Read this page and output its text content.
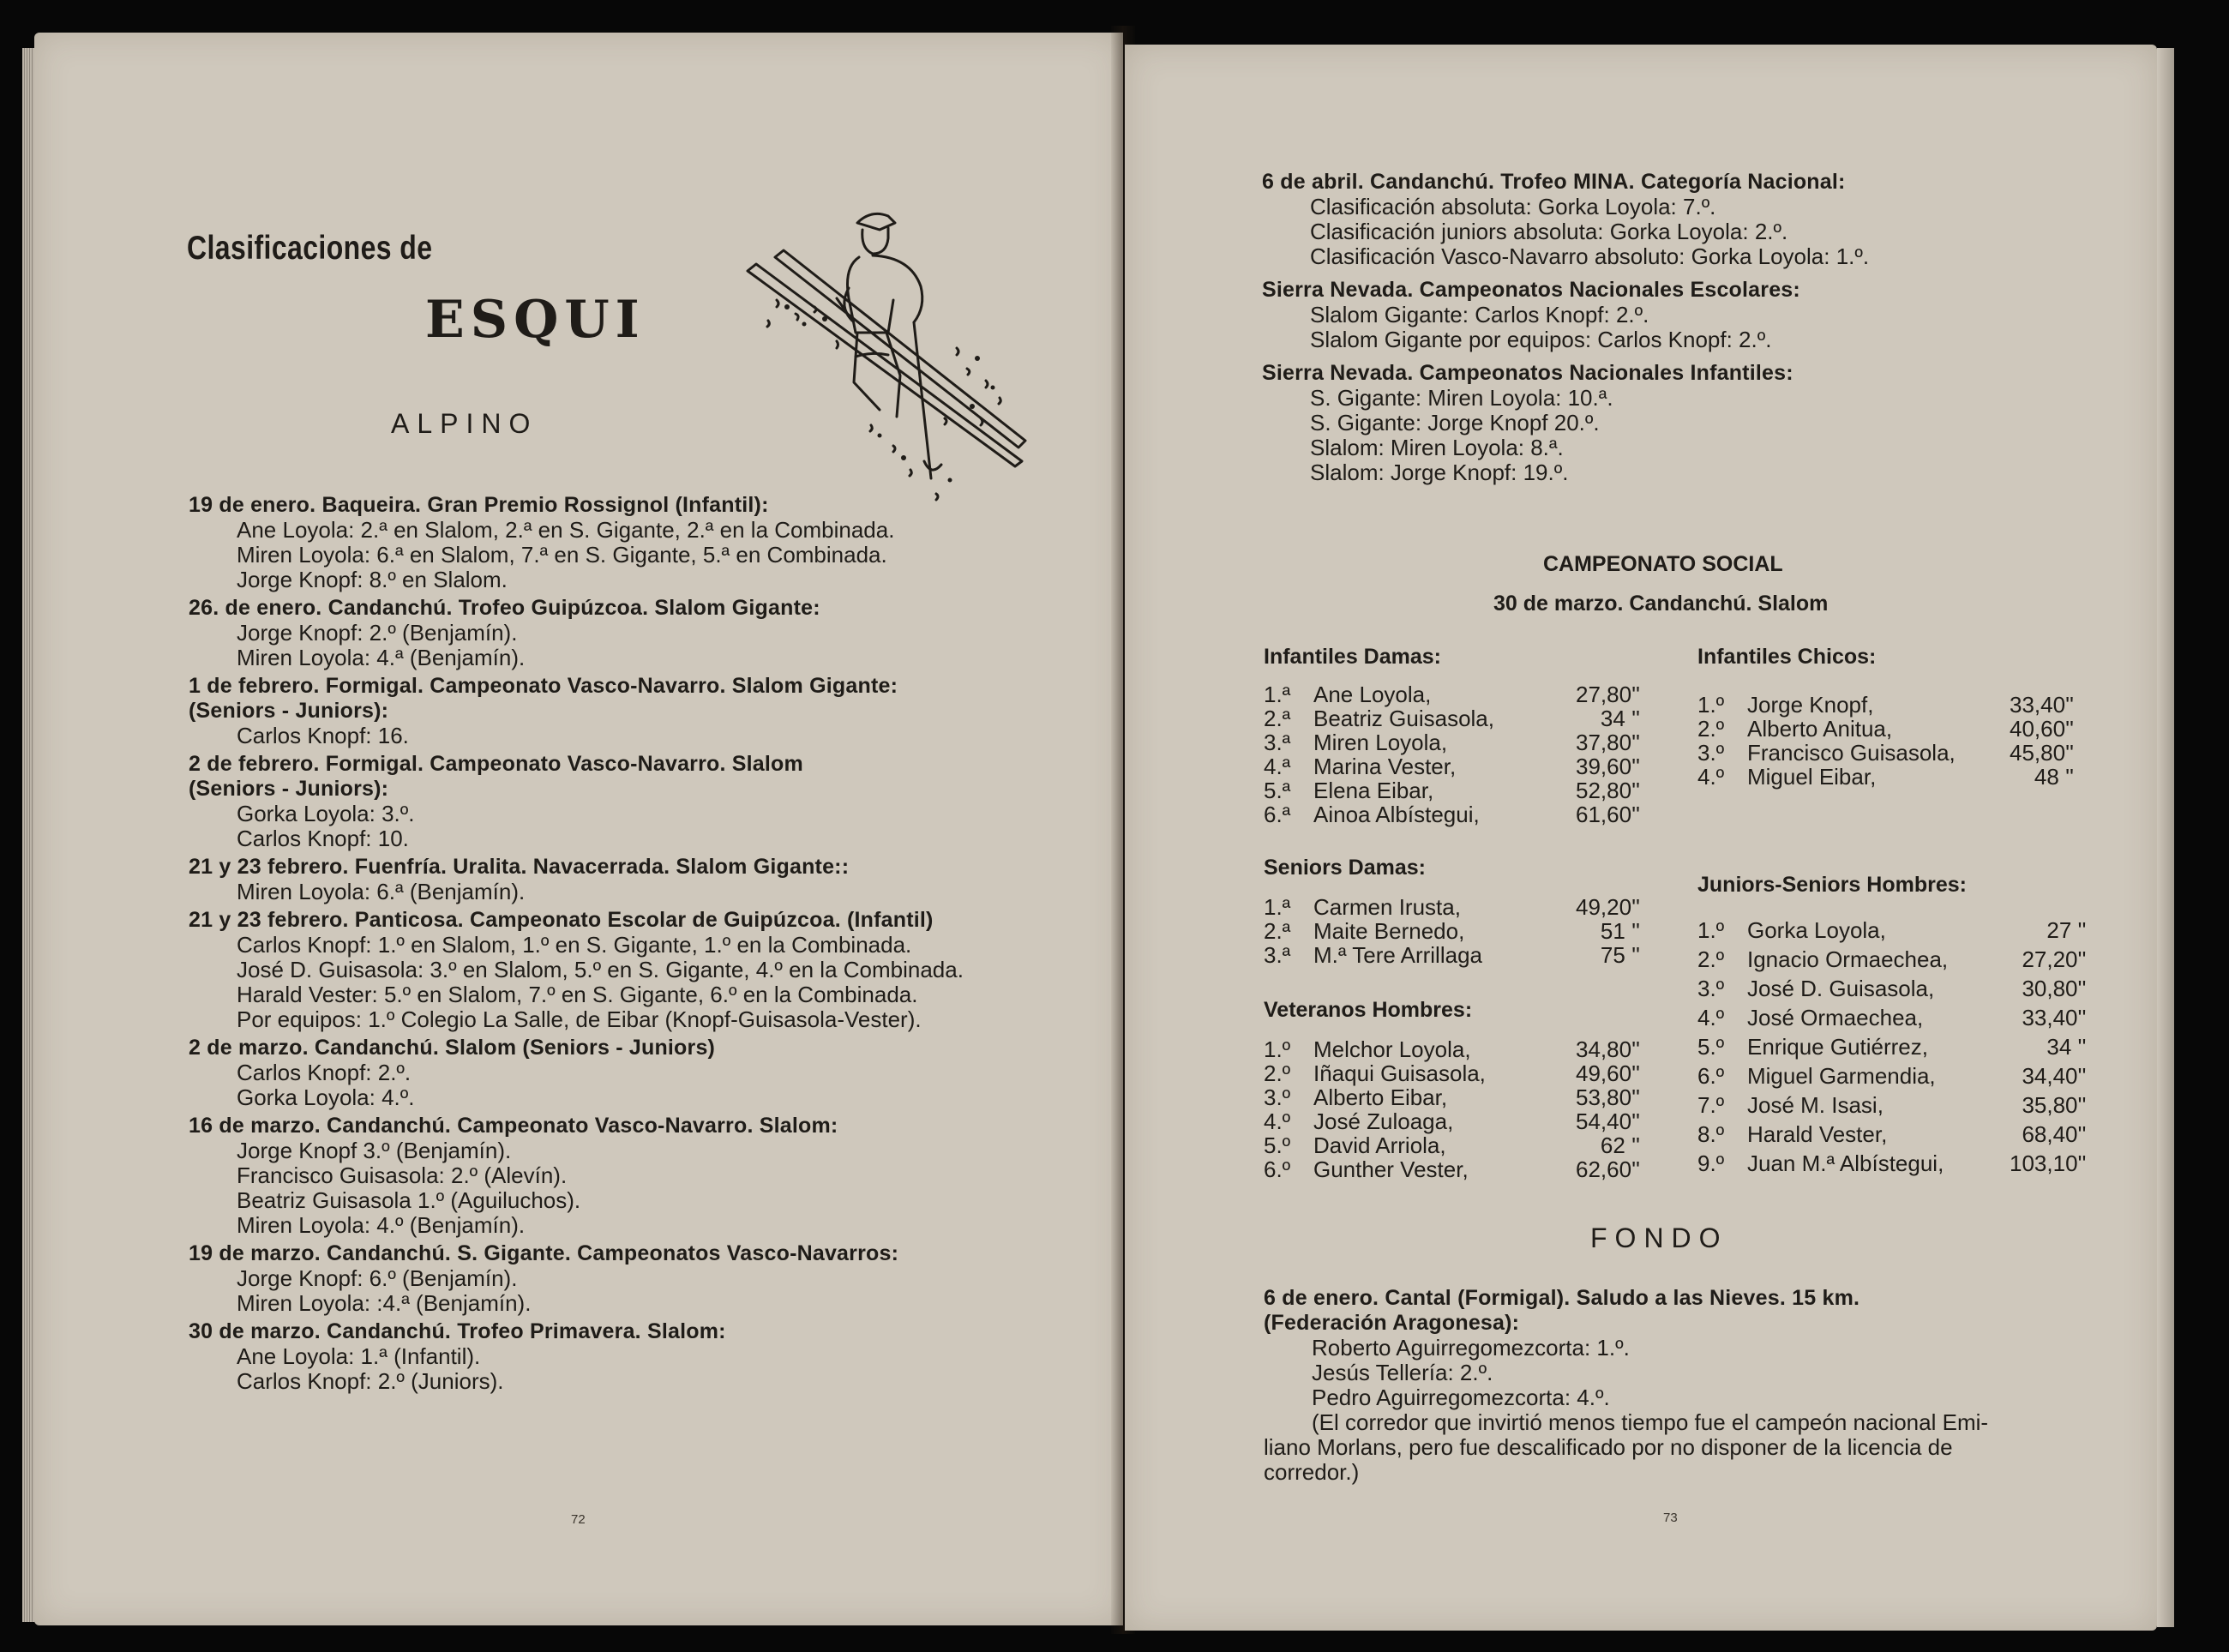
Clasificaciones de
ESQUI
ALPINO
19 de enero. Baqueira. Gran Premio Rossignol (Infantil):
Ane Loyola: 2.ª en Slalom, 2.ª en S. Gigante, 2.ª en la Combinada.
Miren Loyola: 6.ª en Slalom, 7.ª en S. Gigante, 5.ª en Combinada.
Jorge Knopf: 8.º en Slalom.
26. de enero. Candanchú. Trofeo Guipúzcoa. Slalom Gigante:
Jorge Knopf: 2.º (Benjamín).
Miren Loyola: 4.ª (Benjamín).
1 de febrero. Formigal. Campeonato Vasco-Navarro. Slalom Gigante:
(Seniors - Juniors):
Carlos Knopf: 16.
2 de febrero. Formigal. Campeonato Vasco-Navarro. Slalom
(Seniors - Juniors):
Gorka Loyola: 3.º.
Carlos Knopf: 10.
21 y 23 febrero. Fuenfría. Uralita. Navacerrada. Slalom Gigante::
Miren Loyola: 6.ª (Benjamín).
21 y 23 febrero. Panticosa. Campeonato Escolar de Guipúzcoa. (Infantil)
Carlos Knopf: 1.º en Slalom, 1.º en S. Gigante, 1.º en la Combinada.
José D. Guisasola: 3.º en Slalom, 5.º en S. Gigante, 4.º en la Combinada.
Harald Vester: 5.º en Slalom, 7.º en S. Gigante, 6.º en la Combinada.
Por equipos: 1.º Colegio La Salle, de Eibar (Knopf-Guisasola-Vester).
2 de marzo. Candanchú. Slalom (Seniors - Juniors)
Carlos Knopf: 2.º.
Gorka Loyola: 4.º.
16 de marzo. Candanchú. Campeonato Vasco-Navarro. Slalom:
Jorge Knopf 3.º (Benjamín).
Francisco Guisasola: 2.º (Alevín).
Beatriz Guisasola 1.º (Aguiluchos).
Miren Loyola: 4.º (Benjamín).
19 de marzo. Candanchú. S. Gigante. Campeonatos Vasco-Navarros:
Jorge Knopf: 6.º (Benjamín).
Miren Loyola: :4.ª (Benjamín).
30 de marzo. Candanchú. Trofeo Primavera. Slalom:
Ane Loyola: 1.ª (Infantil).
Carlos Knopf: 2.º (Juniors).
72
6 de abril. Candanchú. Trofeo MINA. Categoría Nacional:
Clasificación absoluta: Gorka Loyola: 7.º.
Clasificación juniors absoluta: Gorka Loyola: 2.º.
Clasificación Vasco-Navarro absoluto: Gorka Loyola: 1.º.
Sierra Nevada. Campeonatos Nacionales Escolares:
Slalom Gigante: Carlos Knopf: 2.º.
Slalom Gigante por equipos: Carlos Knopf: 2.º.
Sierra Nevada. Campeonatos Nacionales Infantiles:
S. Gigante: Miren Loyola: 10.ª.
S. Gigante: Jorge Knopf 20.º.
Slalom: Miren Loyola: 8.ª.
Slalom: Jorge Knopf: 19.º.
CAMPEONATO SOCIAL
30 de marzo. Candanchú. Slalom
Infantiles Damas:
1.ª	Ane Loyola,	27,80''
2.ª	Beatriz Guisasola,	34 ''
3.ª	Miren Loyola,	37,80''
4.ª	Marina Vester,	39,60''
5.ª	Elena Eibar,	52,80''
6.ª	Ainoa Albístegui,	61,60''
Infantiles Chicos:
1.º	Jorge Knopf,	33,40''
2.º	Alberto Anitua,	40,60''
3.º	Francisco Guisasola,	45,80''
4.º	Miguel Eibar,	48 ''
Seniors Damas:
1.ª	Carmen Irusta,	49,20''
2.ª	Maite Bernedo,	51 ''
3.ª	M.ª Tere Arrillaga	75 ''
Juniors-Seniors Hombres:
1.º	Gorka Loyola,	27 ''
2.º	Ignacio Ormaechea,	27,20''
3.º	José D. Guisasola,	30,80''
4.º	José Ormaechea,	33,40''
5.º	Enrique Gutiérrez,	34 ''
6.º	Miguel Garmendia,	34,40''
7.º	José M. Isasi,	35,80''
8.º	Harald Vester,	68,40''
9.º	Juan M.ª Albístegui,	103,10''
Veteranos Hombres:
1.º	Melchor Loyola,	34,80''
2.º	Iñaqui Guisasola,	49,60''
3.º	Alberto Eibar,	53,80''
4.º	José Zuloaga,	54,40''
5.º	David Arriola,	62 ''
6.º	Gunther Vester,	62,60''
FONDO
6 de enero. Cantal (Formigal). Saludo a las Nieves. 15 km.
(Federación Aragonesa):
Roberto Aguirregomezcorta: 1.º.
Jesús Tellería: 2.º.
Pedro Aguirregomezcorta: 4.º.
(El corredor que invirtió menos tiempo fue el campeón nacional Emi-
liano Morlans, pero fue descalificado por no disponer de la licencia de
corredor.)
73
